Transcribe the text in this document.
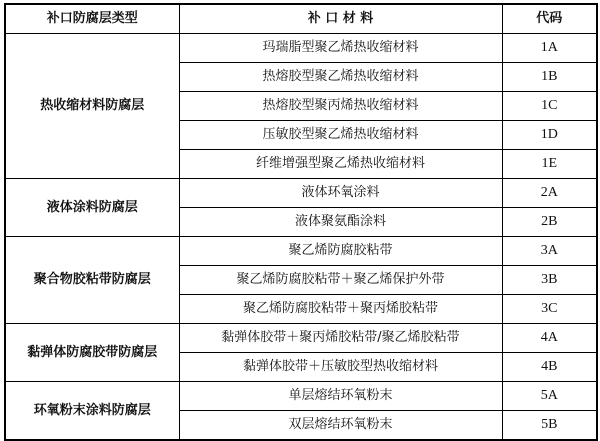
补口防腐层类型	补 口 材 料	代码
热收缩材料防腐层	玛瑞脂型聚乙烯热收缩材料	1A
	热熔胶型聚乙烯热收缩材料	1B
	热熔胶型聚丙烯热收缩材料	1C
	压敏胶型聚乙烯热收缩材料	1D
	纤维增强型聚乙烯热收缩材料	1E
液体涂料防腐层	液体环氧涂料	2A
	液体聚氨酯涂料	2B
聚合物胶粘带防腐层	聚乙烯防腐胶粘带	3A
	聚乙烯防腐胶粘带＋聚乙烯保护外带	3B
	聚乙烯防腐胶粘带＋聚丙烯胶粘带	3C
黏弹体防腐胶带防腐层	黏弹体胶带＋聚丙烯胶粘带/聚乙烯胶粘带	4A
	黏弹体胶带＋压敏胶型热收缩材料	4B
环氧粉末涂料防腐层	单层熔结环氧粉末	5A
	双层熔结环氧粉末	5B
